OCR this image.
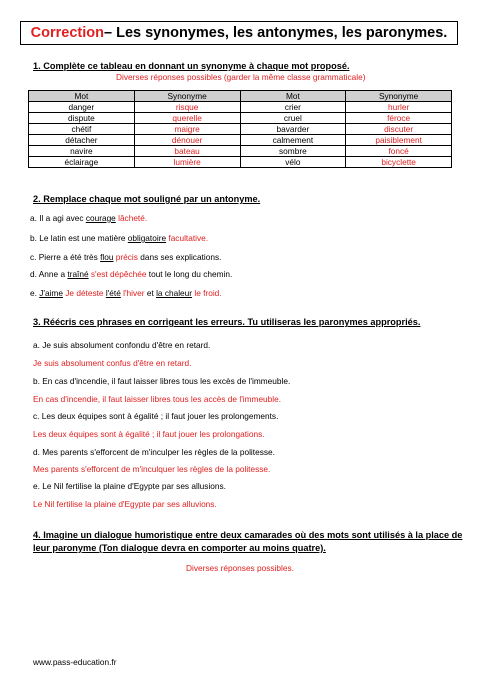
Correction – Les synonymes, les antonymes, les paronymes.
1. Complète ce tableau en donnant un synonyme à chaque mot proposé.
Diverses réponses possibles (garder la même classe grammaticale)
Mot	Synonyme	Mot	Synonyme
danger	risque	crier	hurler
dispute	querelle	cruel	féroce
chétif	maigre	bavarder	discuter
détacher	dénouer	calmement	paisiblement
navire	bateau	sombre	foncé
éclairage	lumière	vélo	bicyclette
2. Remplace chaque mot souligné par un antonyme.
a. Il a agi avec courage lâcheté.
b. Le latin est une matière obligatoire facultative.
c. Pierre a été très flou précis dans ses explications.
d. Anne a traîné s'est dépêchée tout le long du chemin.
e. J'aime Je déteste l'été l'hiver et la chaleur le froid.
3. Réécris ces phrases en corrigeant les erreurs. Tu utiliseras les paronymes appropriés.
a. Je suis absolument confondu d'être en retard.
Je suis absolument confus d'être en retard.
b. En cas d'incendie, il faut laisser libres tous les excès de l'immeuble.
En cas d'incendie, il faut laisser libres tous les accès de l'immeuble.
c. Les deux équipes sont à égalité ; il faut jouer les prolongements.
Les deux équipes sont à égalité ; il faut jouer les prolongations.
d. Mes parents s'efforcent de m'inculper les règles de la politesse.
Mes parents s'efforcent de m'inculquer les règles de la politesse.
e. Le Nil fertilise la plaine d'Egypte par ses allusions.
Le Nil fertilise la plaine d'Egypte par ses alluvions.
4. Imagine un dialogue humoristique entre deux camarades où des mots sont utilisés à la place de
leur paronyme (Ton dialogue devra en comporter au moins quatre).
Diverses réponses possibles.
www.pass-education.fr
